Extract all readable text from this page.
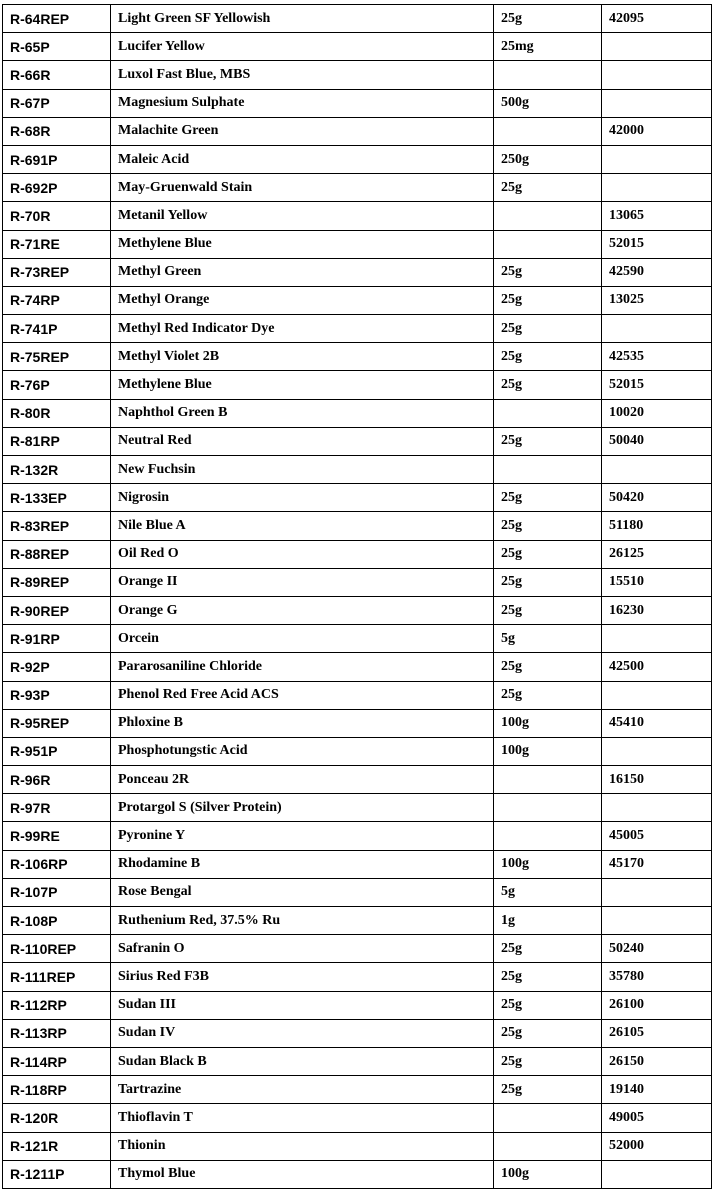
R-64REP	Light Green SF Yellowish	25g	42095
R-65P	Lucifer Yellow	25mg	
R-66R	Luxol Fast Blue, MBS		
R-67P	Magnesium Sulphate	500g	
R-68R	Malachite Green		42000
R-691P	Maleic Acid	250g	
R-692P	May-Gruenwald Stain	25g	
R-70R	Metanil Yellow		13065
R-71RE	Methylene Blue		52015
R-73REP	Methyl Green	25g	42590
R-74RP	Methyl Orange	25g	13025
R-741P	Methyl Red Indicator Dye	25g	
R-75REP	Methyl Violet 2B	25g	42535
R-76P	Methylene Blue	25g	52015
R-80R	Naphthol Green B		10020
R-81RP	Neutral Red	25g	50040
R-132R	New Fuchsin		
R-133EP	Nigrosin	25g	50420
R-83REP	Nile Blue A	25g	51180
R-88REP	Oil Red O	25g	26125
R-89REP	Orange II	25g	15510
R-90REP	Orange G	25g	16230
R-91RP	Orcein	5g	
R-92P	Pararosaniline Chloride	25g	42500
R-93P	Phenol Red Free Acid ACS	25g	
R-95REP	Phloxine B	100g	45410
R-951P	Phosphotungstic Acid	100g	
R-96R	Ponceau 2R		16150
R-97R	Protargol S (Silver Protein)		
R-99RE	Pyronine Y		45005
R-106RP	Rhodamine B	100g	45170
R-107P	Rose Bengal	5g	
R-108P	Ruthenium Red, 37.5% Ru	1g	
R-110REP	Safranin O	25g	50240
R-111REP	Sirius Red F3B	25g	35780
R-112RP	Sudan III	25g	26100
R-113RP	Sudan IV	25g	26105
R-114RP	Sudan Black B	25g	26150
R-118RP	Tartrazine	25g	19140
R-120R	Thioflavin T		49005
R-121R	Thionin		52000
R-1211P	Thymol Blue	100g	
